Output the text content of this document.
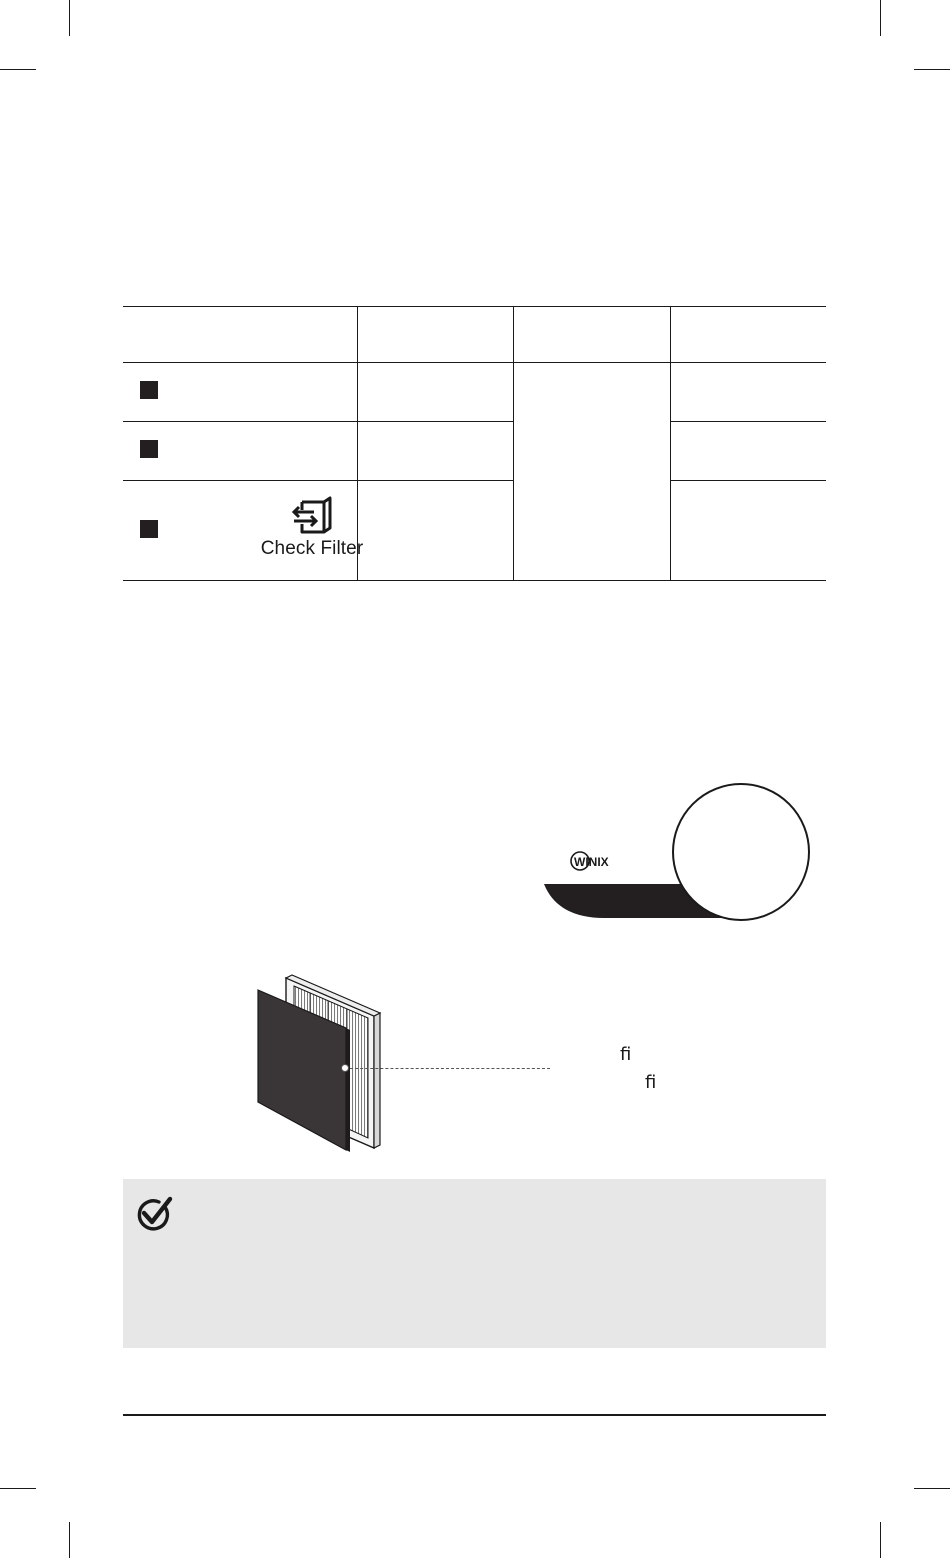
Check Filter
WINIX
ﬁ
ﬁ
